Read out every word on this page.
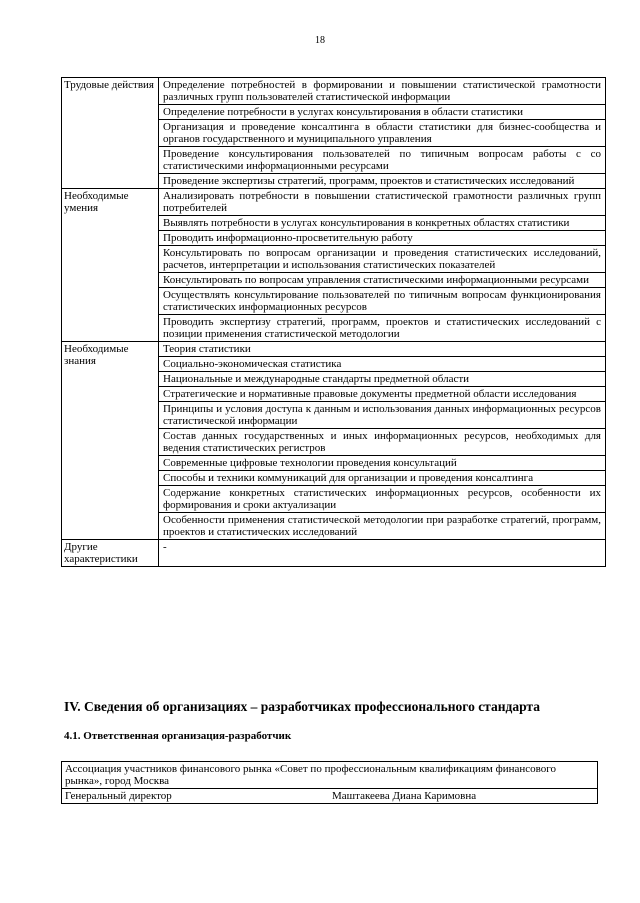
18
Трудовые действия	Определение потребностей в формировании и повышении статистической грамотности различных групп пользователей статистической информации
	Определение потребности в услугах консультирования в области статистики
	Организация и проведение консалтинга в области статистики для бизнес-сообщества и органов государственного и муниципального управления
	Проведение консультирования пользователей по типичным вопросам работы с со статистическими информационными ресурсами
	Проведение экспертизы стратегий, программ, проектов и статистических исследований
Необходимые умения	Анализировать потребности в повышении статистической грамотности различных групп потребителей
	Выявлять потребности в услугах консультирования в конкретных областях статистики
	Проводить информационно-просветительную работу
	Консультировать по вопросам организации и проведения статистических исследований, расчетов, интерпретации и использования статистических показателей
	Консультировать по вопросам управления статистическими информационными ресурсами
	Осуществлять консультирование пользователей по типичным вопросам функционирования статистических информационных ресурсов
	Проводить экспертизу стратегий, программ, проектов и статистических исследований с позиции применения статистической методологии
Необходимые знания	Теория статистики
	Социально-экономическая статистика
	Национальные и международные стандарты предметной области
	Стратегические и нормативные правовые документы предметной области исследования
	Принципы и условия доступа к данным и использования данных информационных ресурсов статистической информации
	Состав данных государственных и иных информационных ресурсов, необходимых для ведения статистических регистров
	Современные цифровые технологии проведения консультаций
	Способы и техники коммуникаций для организации и проведения консалтинга
	Содержание конкретных статистических информационных ресурсов, особенности их формирования и сроки актуализации
	Особенности применения статистической методологии при разработке стратегий, программ, проектов и статистических исследований
Другие характеристики	-
IV. Сведения об организациях – разработчиках профессионального стандарта
4.1. Ответственная организация-разработчик
Ассоциация участников финансового рынка «Совет по профессиональным квалификациям финансового рынка», город Москва
Генеральный директор	Маштакеева Диана Каримовна
